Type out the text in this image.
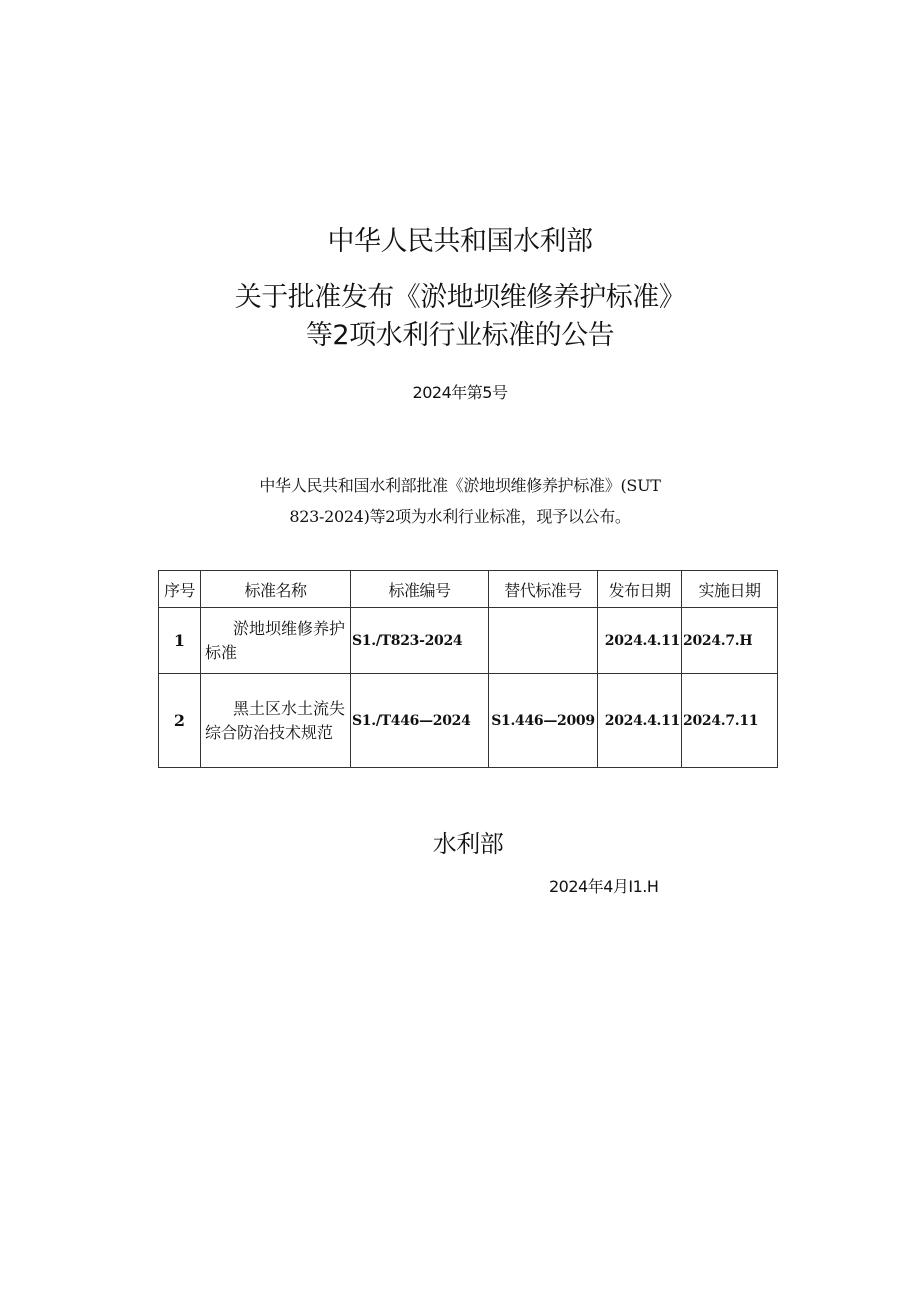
中华人民共和国水利部
关于批准发布《淤地坝维修养护标准》
等2项水利行业标准的公告
2024年第5号
中华人民共和国水利部批准《淤地坝维修养护标准》(SUT
823-2024)等2项为水利行业标准，现予以公布。
序号	标准名称	标准编号	替代标准号	发布日期	实施日期
1	淤地坝维修养护标准	S1./T823-2024		2024.4.11	2024.7.H
2	黑土区水土流失综合防治技术规范	S1./T446—2024	S1.446—2009	2024.4.11	2024.7.11
水利部
2024年4月I1.H
